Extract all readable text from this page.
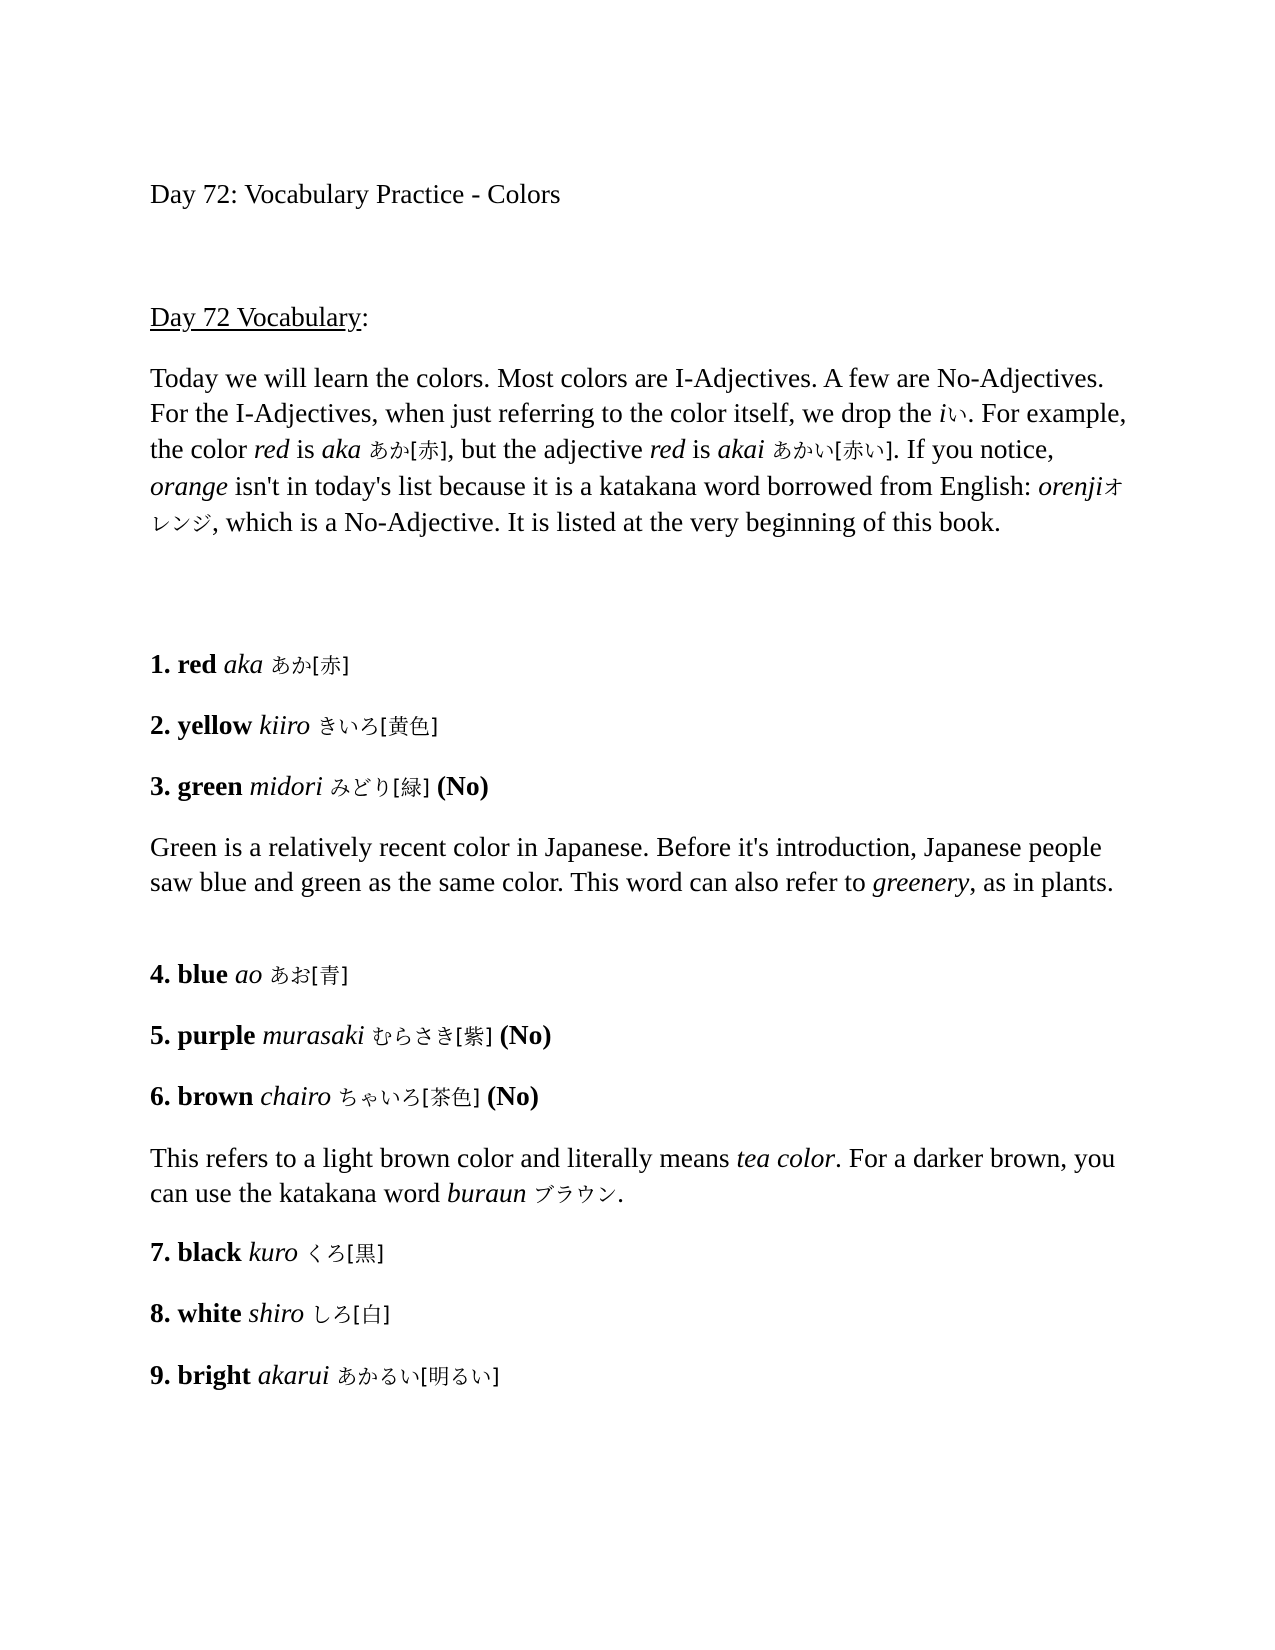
Day 72: Vocabulary Practice - Colors
Day 72 Vocabulary:
Today we will learn the colors. Most colors are I-Adjectives. A few are No-Adjectives. For the I-Adjectives, when just referring to the color itself, we drop the iい. For example, the color red is aka あか[赤], but the adjective red is akai あかい[赤い]. If you notice, orange isn't in today's list because it is a katakana word borrowed from English: orenjiオレンジ, which is a No-Adjective. It is listed at the very beginning of this book.
1. red aka あか[赤]
2. yellow kiiro きいろ[黄色]
3. green midori みどり[緑] (No)
Green is a relatively recent color in Japanese. Before it's introduction, Japanese people saw blue and green as the same color. This word can also refer to greenery, as in plants.
4. blue ao あお[青]
5. purple murasaki むらさき[紫] (No)
6. brown chairo ちゃいろ[茶色] (No)
This refers to a light brown color and literally means tea color. For a darker brown, you can use the katakana word buraun ブラウン.
7. black kuro くろ[黒]
8. white shiro しろ[白]
9. bright akarui あかるい[明るい]
